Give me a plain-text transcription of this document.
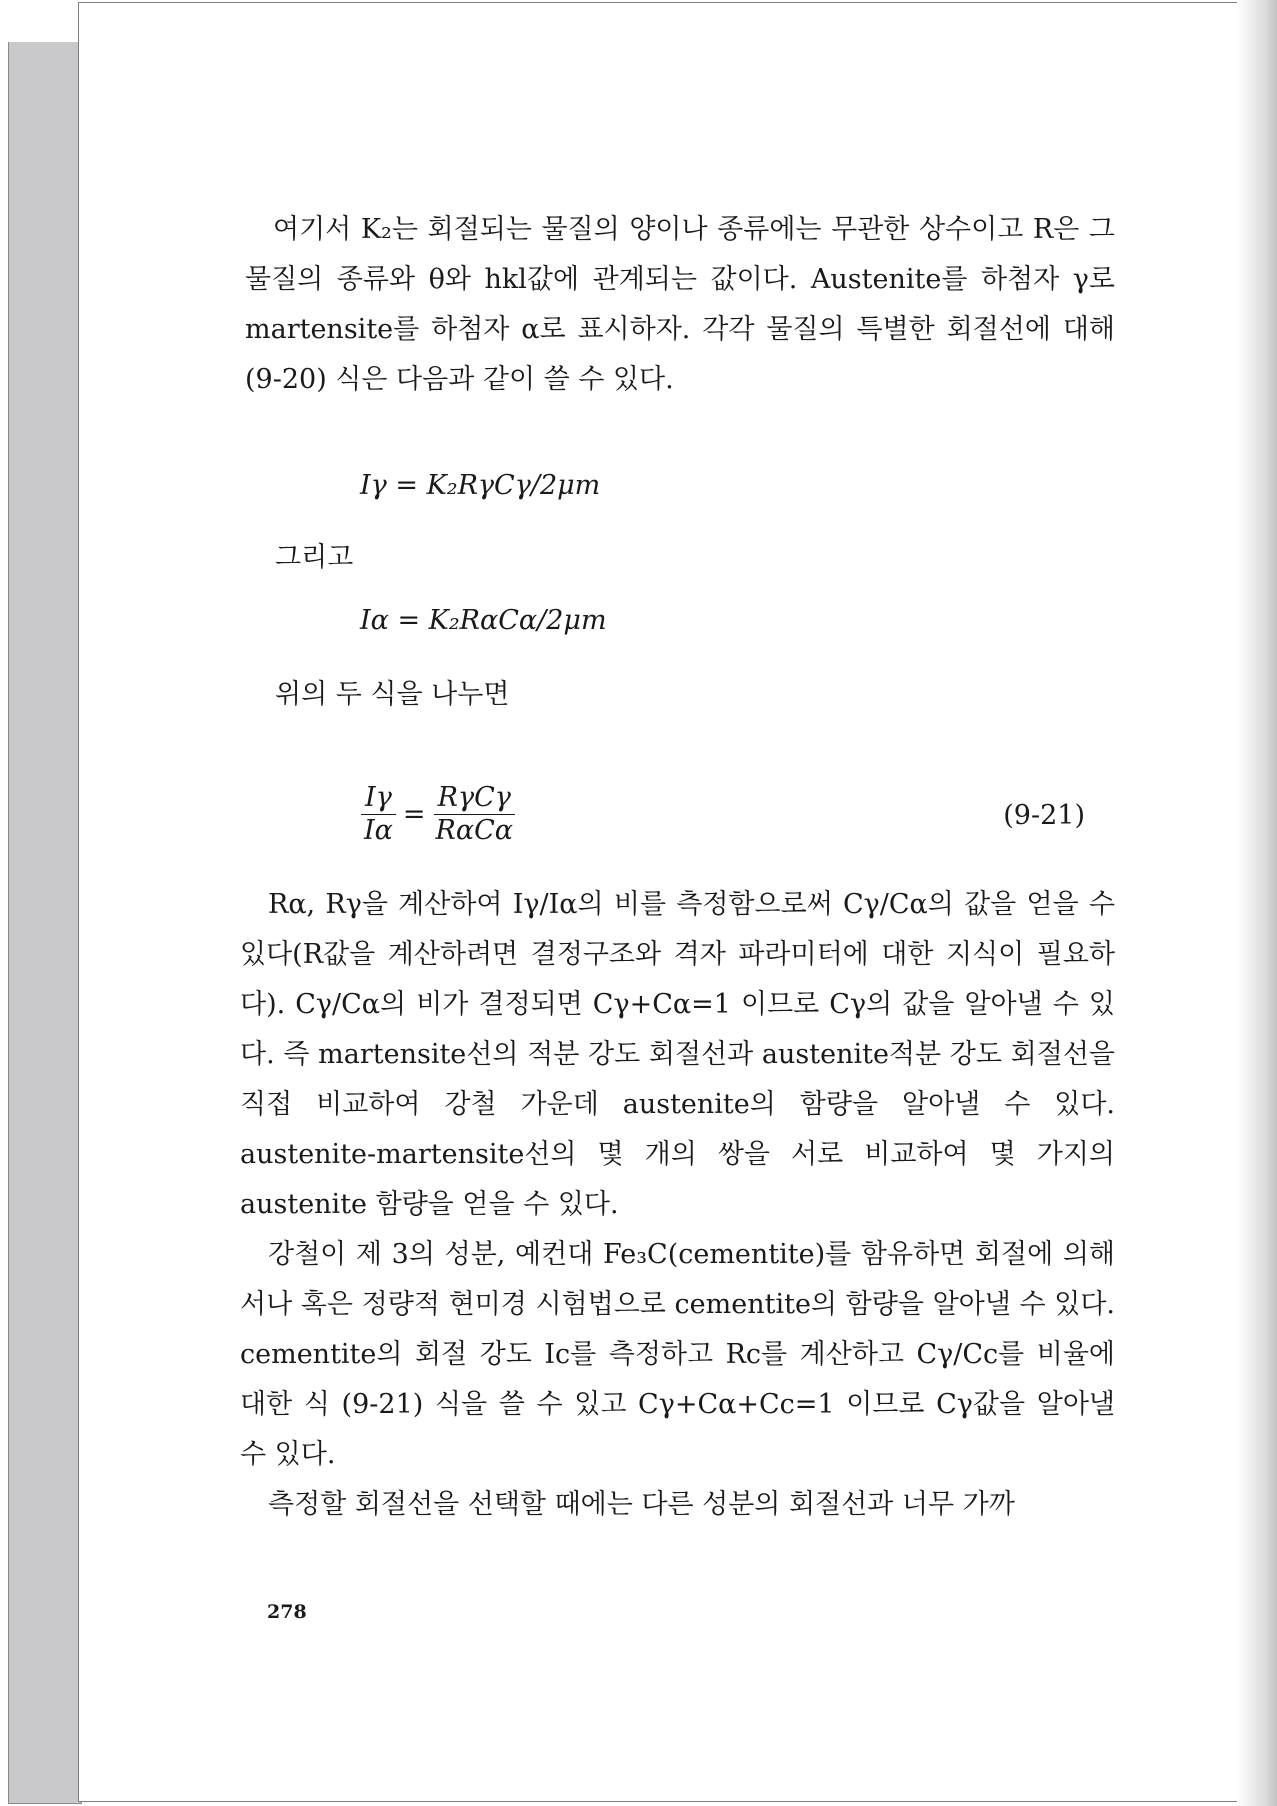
여기서 K₂는 회절되는 물질의 양이나 종류에는 무관한 상수이고 R은 그 물질의 종류와 θ와 hkl값에 관계되는 값이다. Austenite를 하첨자 γ로 martensite를 하첨자 α로 표시하자. 각각 물질의 특별한 회절선에 대해 (9-20) 식은 다음과 같이 쓸 수 있다.

Iγ = K₂RγCγ/2μm
그리고
Iα = K₂RαCα/2μm
위의 두 식을 나누면
$\frac{I\gamma}{I\alpha} = \frac{\text{RγCγ}}{\text{RαCα}}$	(9-21)

Rα, Rγ을 계산하여 Iγ/Iα의 비를 측정함으로써 Cγ/Cα의 값을 얻을 수 있다(R값을 계산하려면 결정구조와 격자 파라미터에 대한 지식이 필요하다). Cγ/Cα의 비가 결정되면 Cγ+Cα=1 이므로 Cγ의 값을 알아낼 수 있다. 즉 martensite선의 적분 강도 회절선과 austenite적분 강도 회절선을 직접 비교하여 강철 가운데 austenite의 함량을 알아낼 수 있다. austenite-martensite선의 몇 개의 쌍을 서로 비교하여 몇 가지의 austenite 함량을 얻을 수 있다.

강철이 제 3의 성분, 예컨대 Fe₃C(cementite)를 함유하면 회절에 의해서나 혹은 정량적 현미경 시험법으로 cementite의 함량을 알아낼 수 있다. cementite의 회절 강도 Ic를 측정하고 Rc를 계산하고 Cγ/Cc를 비율에 대한 식 (9-21) 식을 쓸 수 있고 Cγ+Cα+Cc=1 이므로 Cγ값을 알아낼 수 있다.

측정할 회절선을 선택할 때에는 다른 성분의 회절선과 너무 가까

278
